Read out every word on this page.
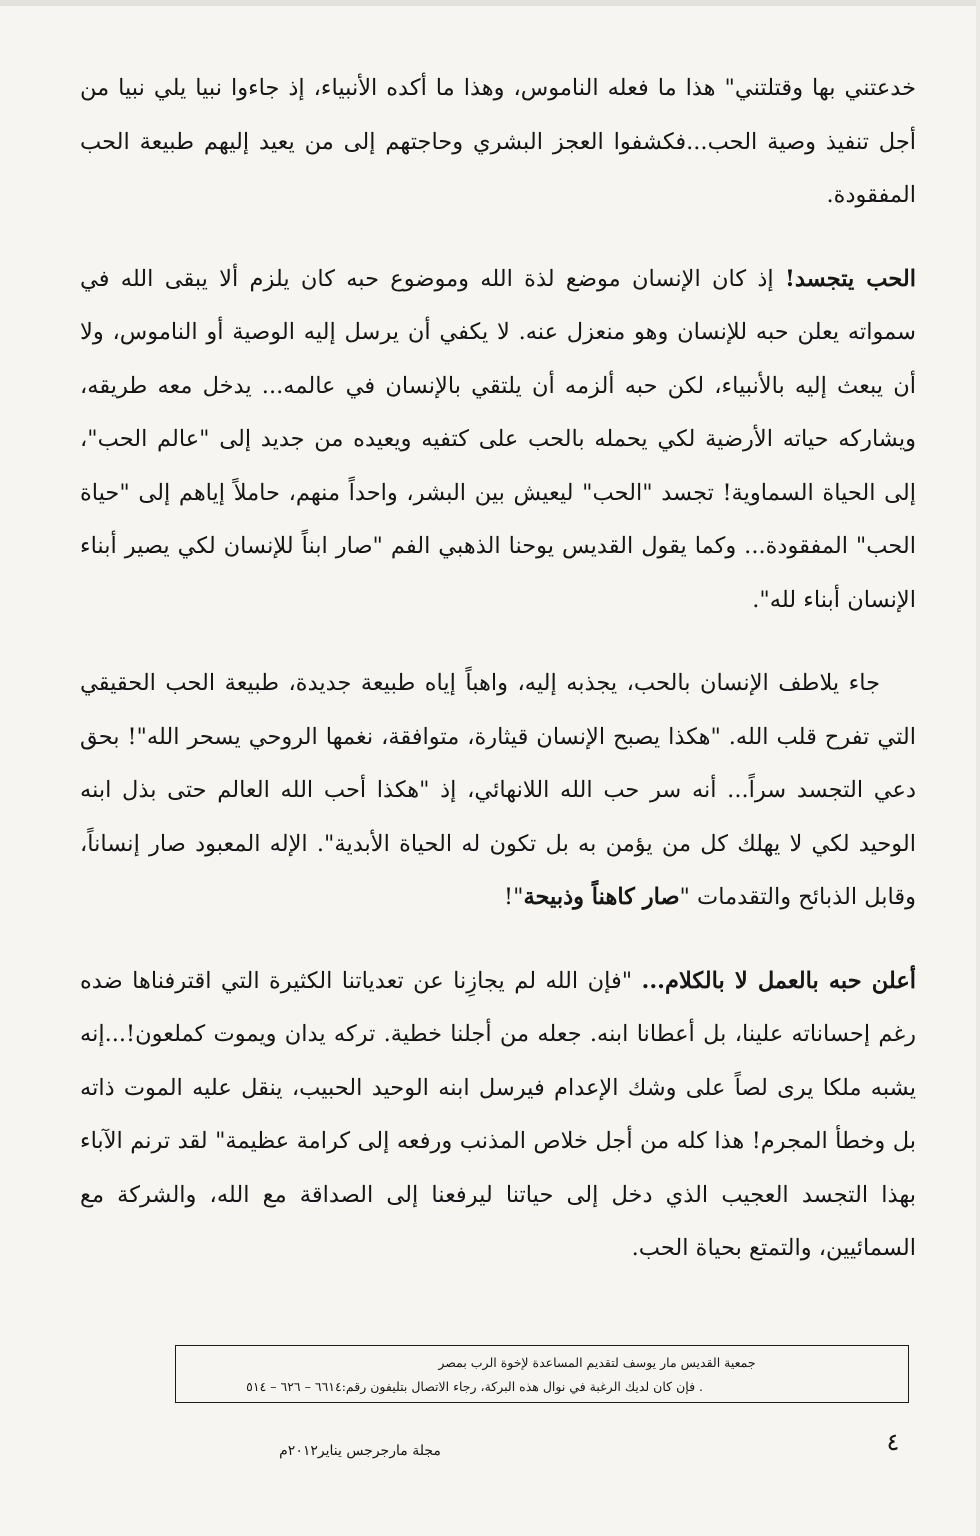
خدعتني بها وقتلتني" هذا ما فعله الناموس، وهذا ما أكده الأنبياء، إذ جاءوا نبيا يلي نبيا من أجل تنفيذ وصية الحب...فكشفوا العجز البشري وحاجتهم إلى من يعيد إليهم طبيعة الحب المفقودة.

الحب يتجسد! إذ كان الإنسان موضع لذة الله وموضوع حبه كان يلزم ألا يبقى الله في سمواته يعلن حبه للإنسان وهو منعزل عنه. لا يكفي أن يرسل إليه الوصية أو الناموس، ولا أن يبعث إليه بالأنبياء، لكن حبه ألزمه أن يلتقي بالإنسان في عالمه... يدخل معه طريقه، ويشاركه حياته الأرضية لكي يحمله بالحب على كتفيه ويعيده من جديد إلى "عالم الحب"، إلى الحياة السماوية! تجسد "الحب" ليعيش بين البشر، واحداً منهم، حاملاً إياهم إلى "حياة الحب" المفقودة... وكما يقول القديس يوحنا الذهبي الفم "صار ابناً للإنسان لكي يصير أبناء الإنسان أبناء لله".

جاء يلاطف الإنسان بالحب، يجذبه إليه، واهباً إياه طبيعة جديدة، طبيعة الحب الحقيقي التي تفرح قلب الله. "هكذا يصبح الإنسان قيثارة، متوافقة، نغمها الروحي يسحر الله"! بحق دعي التجسد سراً... أنه سر حب الله اللانهائي، إذ "هكذا أحب الله العالم حتى بذل ابنه الوحيد لكي لا يهلك كل من يؤمن به بل تكون له الحياة الأبدية". الإله المعبود صار إنساناً، وقابل الذبائح والتقدمات "صار كاهناً وذبيحة"!

أعلن حبه بالعمل لا بالكلام... "فإن الله لم يجازِنا عن تعدياتنا الكثيرة التي اقترفناها ضده رغم إحساناته علينا، بل أعطانا ابنه. جعله من أجلنا خطية. تركه يدان ويموت كملعون!...إنه يشبه ملكا يرى لصاً على وشك الإعدام فيرسل ابنه الوحيد الحبيب، ينقل عليه الموت ذاته بل وخطأ المجرم! هذا كله من أجل خلاص المذنب ورفعه إلى كرامة عظيمة" لقد ترنم الآباء بهذا التجسد العجيب الذي دخل إلى حياتنا ليرفعنا إلى الصداقة مع الله، والشركة مع السمائيين، والتمتع بحياة الحب.

جمعية القديس مار يوسف لتقديم المساعدة لإخوة الرب بمصر
. فإن كان لديك الرغبة في نوال هذه البركة، رجاء الاتصال بتليفون رقم:٦٦١٤ – ٦٢٦ – ٥١٤
مجلة مارجرجس يناير٢٠١٢م	٤
